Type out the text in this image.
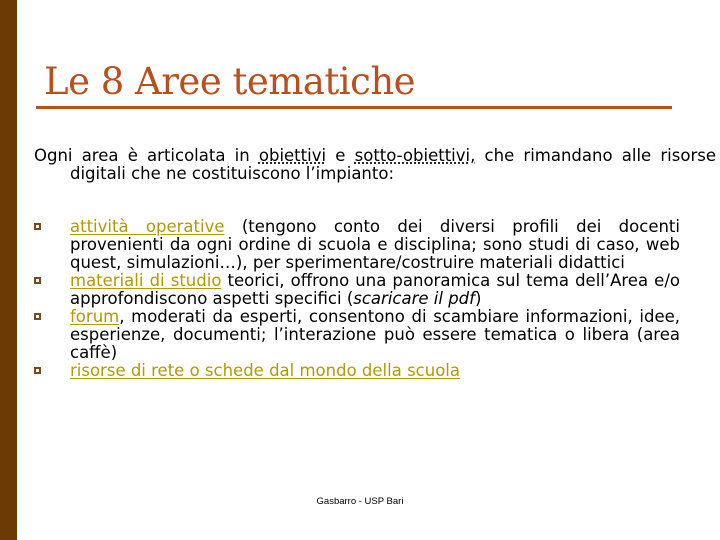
Le 8 Aree tematiche
Ogni area è articolata in obiettivi e sotto-obiettivi, che rimandano alle risorse digitali che ne costituiscono l’impianto:
attività operative (tengono conto dei diversi profili dei docenti provenienti da ogni ordine di scuola e disciplina; sono studi di caso, web quest, simulazioni…), per sperimentare/costruire materiali didattici
materiali di studio teorici, offrono una panoramica sul tema dell’Area e/o approfondiscono aspetti specifici (scaricare il pdf)
forum, moderati da esperti, consentono di scambiare informazioni, idee, esperienze, documenti; l’interazione può essere tematica o libera (area caffè)
risorse di rete o schede dal mondo della scuola
Gasbarro - USP Bari
